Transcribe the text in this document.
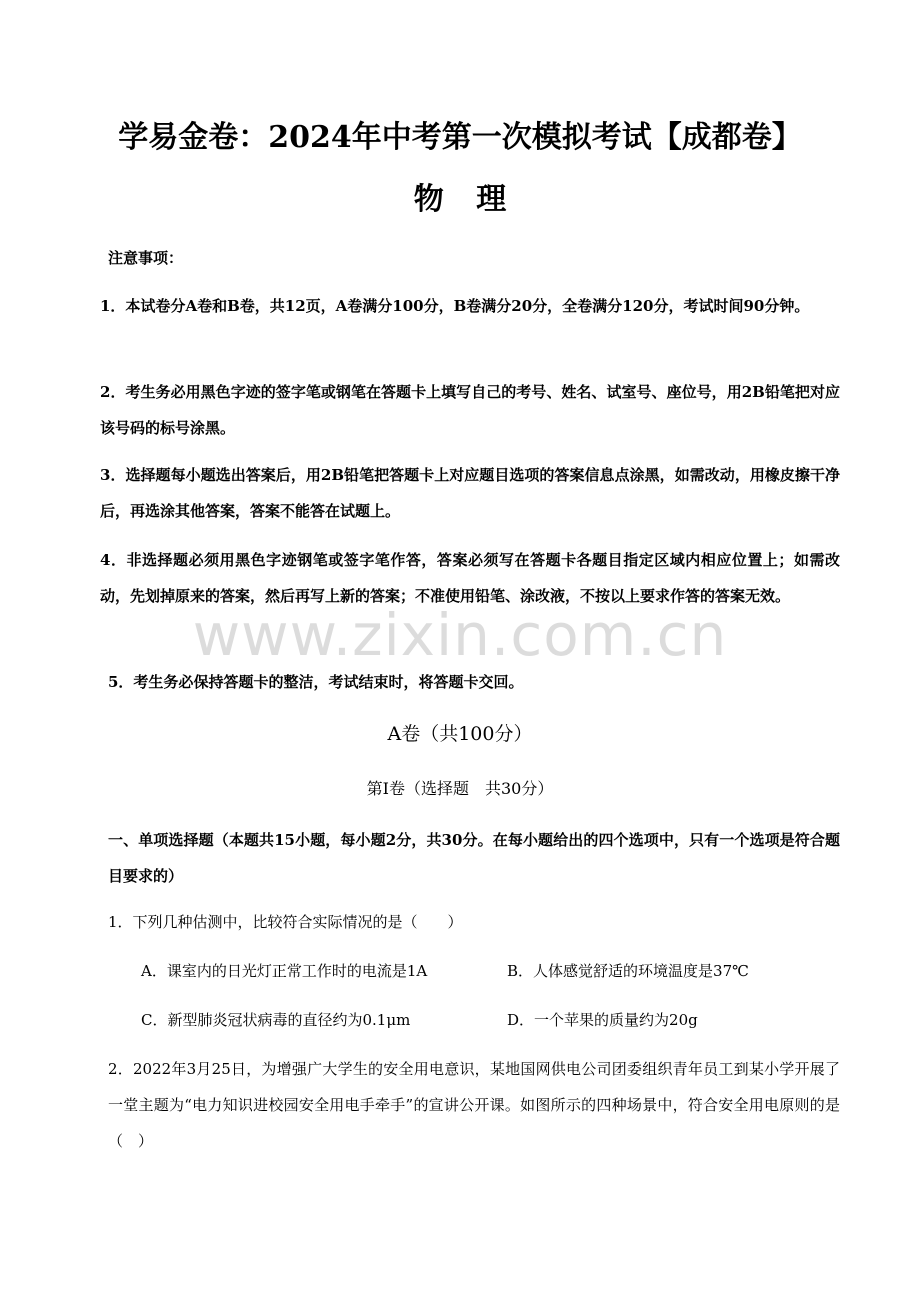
学易金卷：2024年中考第一次模拟考试【成都卷】
物 理
注意事项：
1．本试卷分A卷和B卷，共12页，A卷满分100分，B卷满分20分，全卷满分120分，考试时间90分钟。
2．考生务必用黑色字迹的签字笔或钢笔在答题卡上填写自己的考号、姓名、试室号、座位号，用2B铅笔把对应该号码的标号涂黑。
3．选择题每小题选出答案后，用2B铅笔把答题卡上对应题目选项的答案信息点涂黑，如需改动，用橡皮擦干净后，再选涂其他答案，答案不能答在试题上。
4．非选择题必须用黑色字迹钢笔或签字笔作答，答案必须写在答题卡各题目指定区域内相应位置上；如需改动，先划掉原来的答案，然后再写上新的答案；不准使用铅笔、涂改液，不按以上要求作答的答案无效。
5．考生务必保持答题卡的整洁，考试结束时，将答题卡交回。
www.zixin.com.cn
A卷（共100分）
第Ⅰ卷（选择题　共30分）
一、单项选择题（本题共15小题，每小题2分，共30分。在每小题给出的四个选项中，只有一个选项是符合题目要求的）
1．下列几种估测中，比较符合实际情况的是（　　）
A．课室内的日光灯正常工作时的电流是1A	B．人体感觉舒适的环境温度是37℃
C．新型肺炎冠状病毒的直径约为0.1μm	D．一个苹果的质量约为20g
2．2022年3月25日，为增强广大学生的安全用电意识，某地国网供电公司团委组织青年员工到某小学开展了一堂主题为“电力知识进校园安全用电手牵手”的宣讲公开课。如图所示的四种场景中，符合安全用电原则的是（　）
